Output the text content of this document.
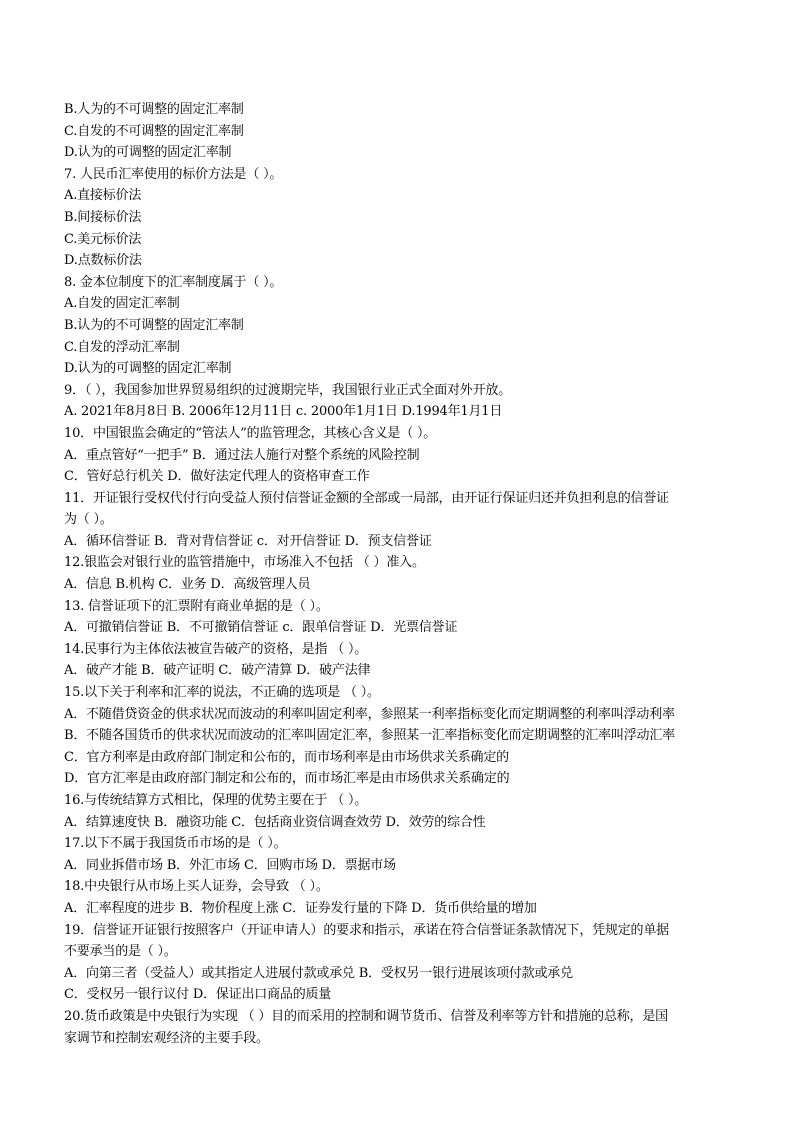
B.人为的不可调整的固定汇率制
C.自发的不可调整的固定汇率制
D.认为的可调整的固定汇率制
7. 人民币汇率使用的标价方法是（ ）。
A.直接标价法
B.间接标价法
C.美元标价法
D.点数标价法
8. 金本位制度下的汇率制度属于（ ）。
A.自发的固定汇率制
B.认为的不可调整的固定汇率制
C.自发的浮动汇率制
D.认为的可调整的固定汇率制
9．（ ），我国参加世界贸易组织的过渡期完毕，我国银行业正式全面对外开放。
A. 2021年8月8日 B. 2006年12月11日 c. 2000年1月1日 D.1994年1月1日
10．中国银监会确定的“管法人”的监管理念，其核心含义是（ ）。
A．重点管好“一把手” B．通过法人施行对整个系统的风险控制
C．管好总行机关 D．做好法定代理人的资格审查工作
11．开证银行受权代付行向受益人预付信誉证金额的全部或一局部，由开证行保证归还并负担利息的信誉证
为（ ）。
A．循环信誉证 B．背对背信誉证 c．对开信誉证 D．预支信誉证
12.银监会对银行业的监管措施中，市场准入不包括 （ ）准入。
A．信息 B.机构 C．业务 D．高级管理人员
13. 信誉证项下的汇票附有商业单据的是（ ）。
A．可撤销信誉证 B．不可撤销信誉证 c．跟单信誉证 D．光票信誉证
14.民事行为主体依法被宣告破产的资格，是指 （ ）。
A．破产才能 B．破产证明 C．破产清算 D．破产法律
15.以下关于利率和汇率的说法，不正确的选项是 （ ）。
A．不随借贷资金的供求状况而波动的利率叫固定利率，参照某一利率指标变化而定期调整的利率叫浮动利率
B．不随各国货币的供求状况而波动的汇率叫固定汇率，参照某一汇率指标变化而定期调整的汇率叫浮动汇率
C．官方利率是由政府部门制定和公布的，而市场利率是由市场供求关系确定的
D．官方汇率是由政府部门制定和公布的，而市场汇率是由市场供求关系确定的
16.与传统结算方式相比，保理的优势主要在于 （ ）。
A．结算速度快 B．融资功能 C．包括商业资信调查效劳 D．效劳的综合性
17.以下不属于我国货币市场的是（ ）。
A．同业拆借市场 B．外汇市场 C．回购市场 D．票据市场
18.中央银行从市场上买人证券，会导致 （ ）。
A．汇率程度的进步 B．物价程度上涨 C．证券发行量的下降 D．货币供给量的增加
19．信誉证开证银行按照客户（开证申请人）的要求和指示，承诺在符合信誉证条款情况下，凭规定的单据
不要承当的是（ ）。
A．向第三者（受益人）或其指定人进展付款或承兑 B．受权另一银行进展该项付款或承兑
C．受权另一银行议付 D．保证出口商品的质量
20.货币政策是中央银行为实现 （ ）目的而采用的控制和调节货币、信誉及利率等方针和措施的总称，是国
家调节和控制宏观经济的主要手段。
